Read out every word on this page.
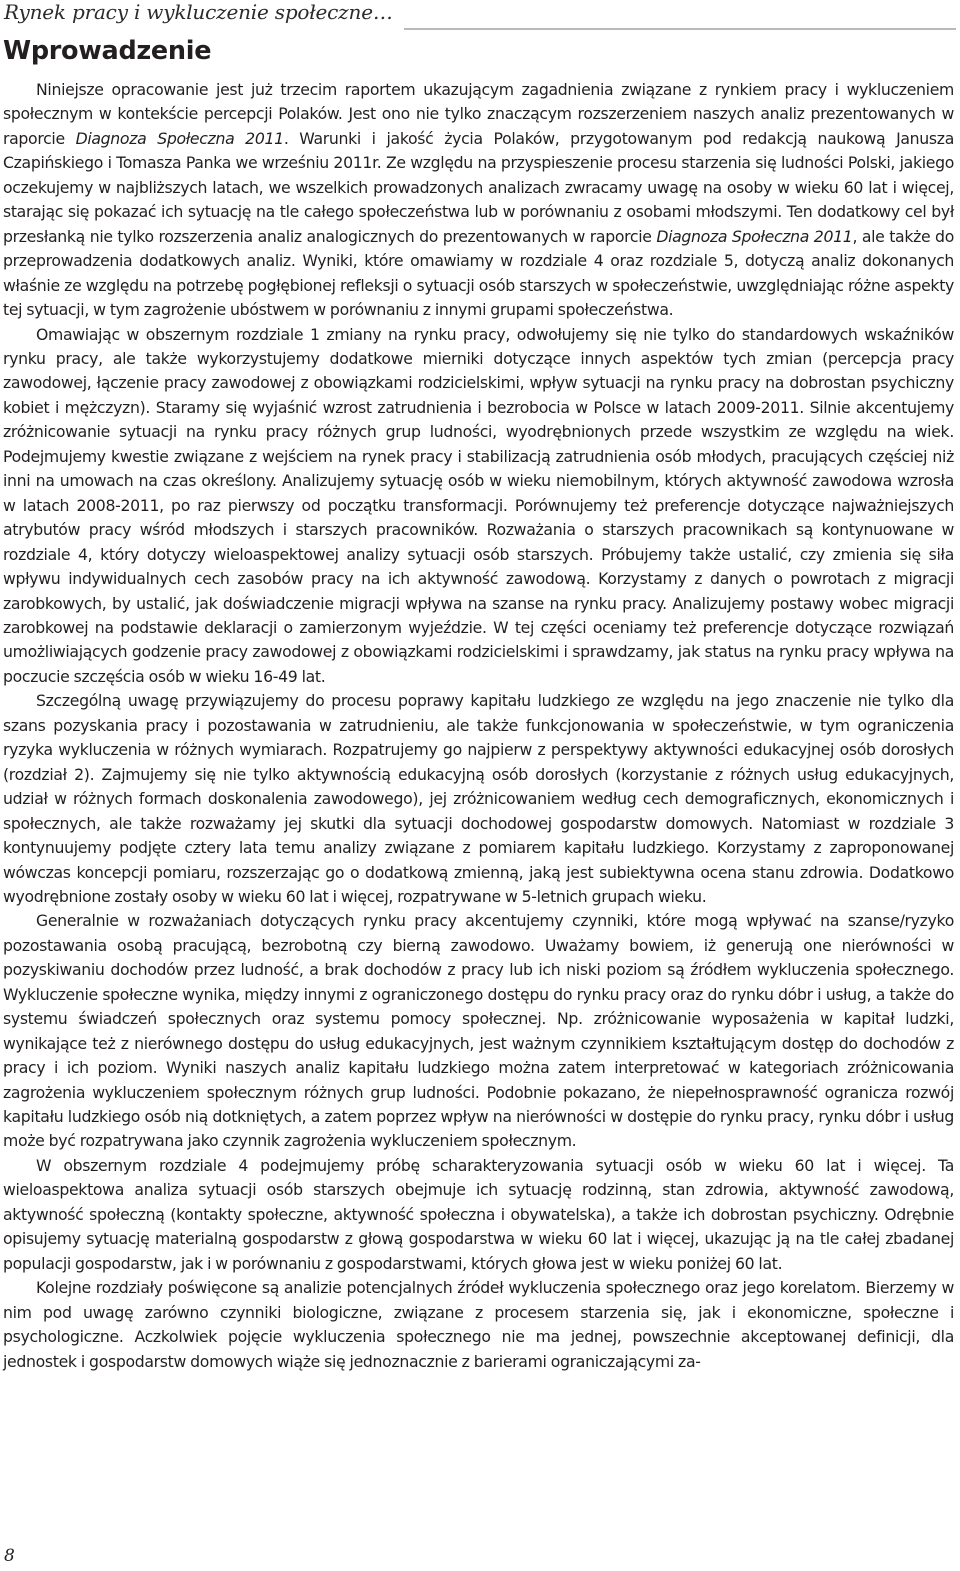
Rynek pracy i wykluczenie społeczne…
Wprowadzenie

Niniejsze opracowanie jest już trzecim raportem ukazującym zagadnienia związane z rynkiem pracy i wykluczeniem społecznym w kontekście percepcji Polaków. Jest ono nie tylko znaczącym rozszerzeniem naszych analiz prezentowanych w raporcie Diagnoza Społeczna 2011. Warunki i jakość życia Polaków, przygotowanym pod redakcją naukową Janusza Czapińskiego i Tomasza Panka we wrześniu 2011r. Ze względu na przyspieszenie procesu starzenia się ludności Polski, jakiego oczekujemy w najbliższych latach, we wszelkich prowadzonych analizach zwracamy uwagę na osoby w wieku 60 lat i więcej, starając się pokazać ich sytuację na tle całego społeczeństwa lub w porównaniu z osobami młodszymi. Ten dodatkowy cel był przesłanką nie tylko rozszerzenia analiz analogicznych do prezentowanych w raporcie Diagnoza Społeczna 2011, ale także do przeprowadzenia dodatkowych analiz. Wyniki, które omawiamy w rozdziale 4 oraz rozdziale 5, dotyczą analiz dokonanych właśnie ze względu na potrzebę pogłębionej refleksji o sytuacji osób starszych w społeczeństwie, uwzględniając różne aspekty tej sytuacji, w tym zagrożenie ubóstwem w porównaniu z innymi grupami społeczeństwa.

Omawiając w obszernym rozdziale 1 zmiany na rynku pracy, odwołujemy się nie tylko do standardowych wskaźników rynku pracy, ale także wykorzystujemy dodatkowe mierniki dotyczące innych aspektów tych zmian (percepcja pracy zawodowej, łączenie pracy zawodowej z obowiązkami rodzicielskimi, wpływ sytuacji na rynku pracy na dobrostan psychiczny kobiet i mężczyzn). Staramy się wyjaśnić wzrost zatrudnienia i bezrobocia w Polsce w latach 2009-2011. Silnie akcentujemy zróżnicowanie sytuacji na rynku pracy różnych grup ludności, wyodrębnionych przede wszystkim ze względu na wiek. Podejmujemy kwestie związane z wejściem na rynek pracy i stabilizacją zatrudnienia osób młodych, pracujących częściej niż inni na umowach na czas określony. Analizujemy sytuację osób w wieku niemobilnym, których aktywność zawodowa wzrosła w latach 2008-2011, po raz pierwszy od początku transformacji. Porównujemy też preferencje dotyczące najważniejszych atrybutów pracy wśród młodszych i starszych pracowników. Rozważania o starszych pracownikach są kontynuowane w rozdziale 4, który dotyczy wieloaspektowej analizy sytuacji osób starszych. Próbujemy także ustalić, czy zmienia się siła wpływu indywidualnych cech zasobów pracy na ich aktywność zawodową. Korzystamy z danych o powrotach z migracji zarobkowych, by ustalić, jak doświadczenie migracji wpływa na szanse na rynku pracy. Analizujemy postawy wobec migracji zarobkowej na podstawie deklaracji o zamierzonym wyjeździe. W tej części oceniamy też preferencje dotyczące rozwiązań umożliwiających godzenie pracy zawodowej z obowiązkami rodzicielskimi i sprawdzamy, jak status na rynku pracy wpływa na poczucie szczęścia osób w wieku 16-49 lat.

Szczególną uwagę przywiązujemy do procesu poprawy kapitału ludzkiego ze względu na jego znaczenie nie tylko dla szans pozyskania pracy i pozostawania w zatrudnieniu, ale także funkcjonowania w społeczeństwie, w tym ograniczenia ryzyka wykluczenia w różnych wymiarach. Rozpatrujemy go najpierw z perspektywy aktywności edukacyjnej osób dorosłych (rozdział 2). Zajmujemy się nie tylko aktywnością edukacyjną osób dorosłych (korzystanie z różnych usług edukacyjnych, udział w różnych formach doskonalenia zawodowego), jej zróżnicowaniem według cech demograficznych, ekonomicznych i społecznych, ale także rozważamy jej skutki dla sytuacji dochodowej gospodarstw domowych. Natomiast w rozdziale 3 kontynuujemy podjęte cztery lata temu analizy związane z pomiarem kapitału ludzkiego. Korzystamy z zaproponowanej wówczas koncepcji pomiaru, rozszerzając go o dodatkową zmienną, jaką jest subiektywna ocena stanu zdrowia. Dodatkowo wyodrębnione zostały osoby w wieku 60 lat i więcej, rozpatrywane w 5-letnich grupach wieku.

Generalnie w rozważaniach dotyczących rynku pracy akcentujemy czynniki, które mogą wpływać na szanse/ryzyko pozostawania osobą pracującą, bezrobotną czy bierną zawodowo. Uważamy bowiem, iż generują one nierówności w pozyskiwaniu dochodów przez ludność, a brak dochodów z pracy lub ich niski poziom są źródłem wykluczenia społecznego. Wykluczenie społeczne wynika, między innymi z ograniczonego dostępu do rynku pracy oraz do rynku dóbr i usług, a także do systemu świadczeń społecznych oraz systemu pomocy społecznej. Np. zróżnicowanie wyposażenia w kapitał ludzki, wynikające też z nierównego dostępu do usług edukacyjnych, jest ważnym czynnikiem kształtującym dostęp do dochodów z pracy i ich poziom. Wyniki naszych analiz kapitału ludzkiego można zatem interpretować w kategoriach zróżnicowania zagrożenia wykluczeniem społecznym różnych grup ludności. Podobnie pokazano, że niepełnosprawność ogranicza rozwój kapitału ludzkiego osób nią dotkniętych, a zatem poprzez wpływ na nierówności w dostępie do rynku pracy, rynku dóbr i usług może być rozpatrywana jako czynnik zagrożenia wykluczeniem społecznym.

W obszernym rozdziale 4 podejmujemy próbę scharakteryzowania sytuacji osób w wieku 60 lat i więcej. Ta wieloaspektowa analiza sytuacji osób starszych obejmuje ich sytuację rodzinną, stan zdrowia, aktywność zawodową, aktywność społeczną (kontakty społeczne, aktywność społeczna i obywatelska), a także ich dobrostan psychiczny. Odrębnie opisujemy sytuację materialną gospodarstw z głową gospodarstwa w wieku 60 lat i więcej, ukazując ją na tle całej zbadanej populacji gospodarstw, jak i w porównaniu z gospodarstwami, których głowa jest w wieku poniżej 60 lat.

Kolejne rozdziały poświęcone są analizie potencjalnych źródeł wykluczenia społecznego oraz jego korelatom. Bierzemy w nim pod uwagę zarówno czynniki biologiczne, związane z procesem starzenia się, jak i ekonomiczne, społeczne i psychologiczne. Aczkolwiek pojęcie wykluczenia społecznego nie ma jednej, powszechnie akceptowanej definicji, dla jednostek i gospodarstw domowych wiąże się jednoznacznie z barierami ograniczającymi za-

8
